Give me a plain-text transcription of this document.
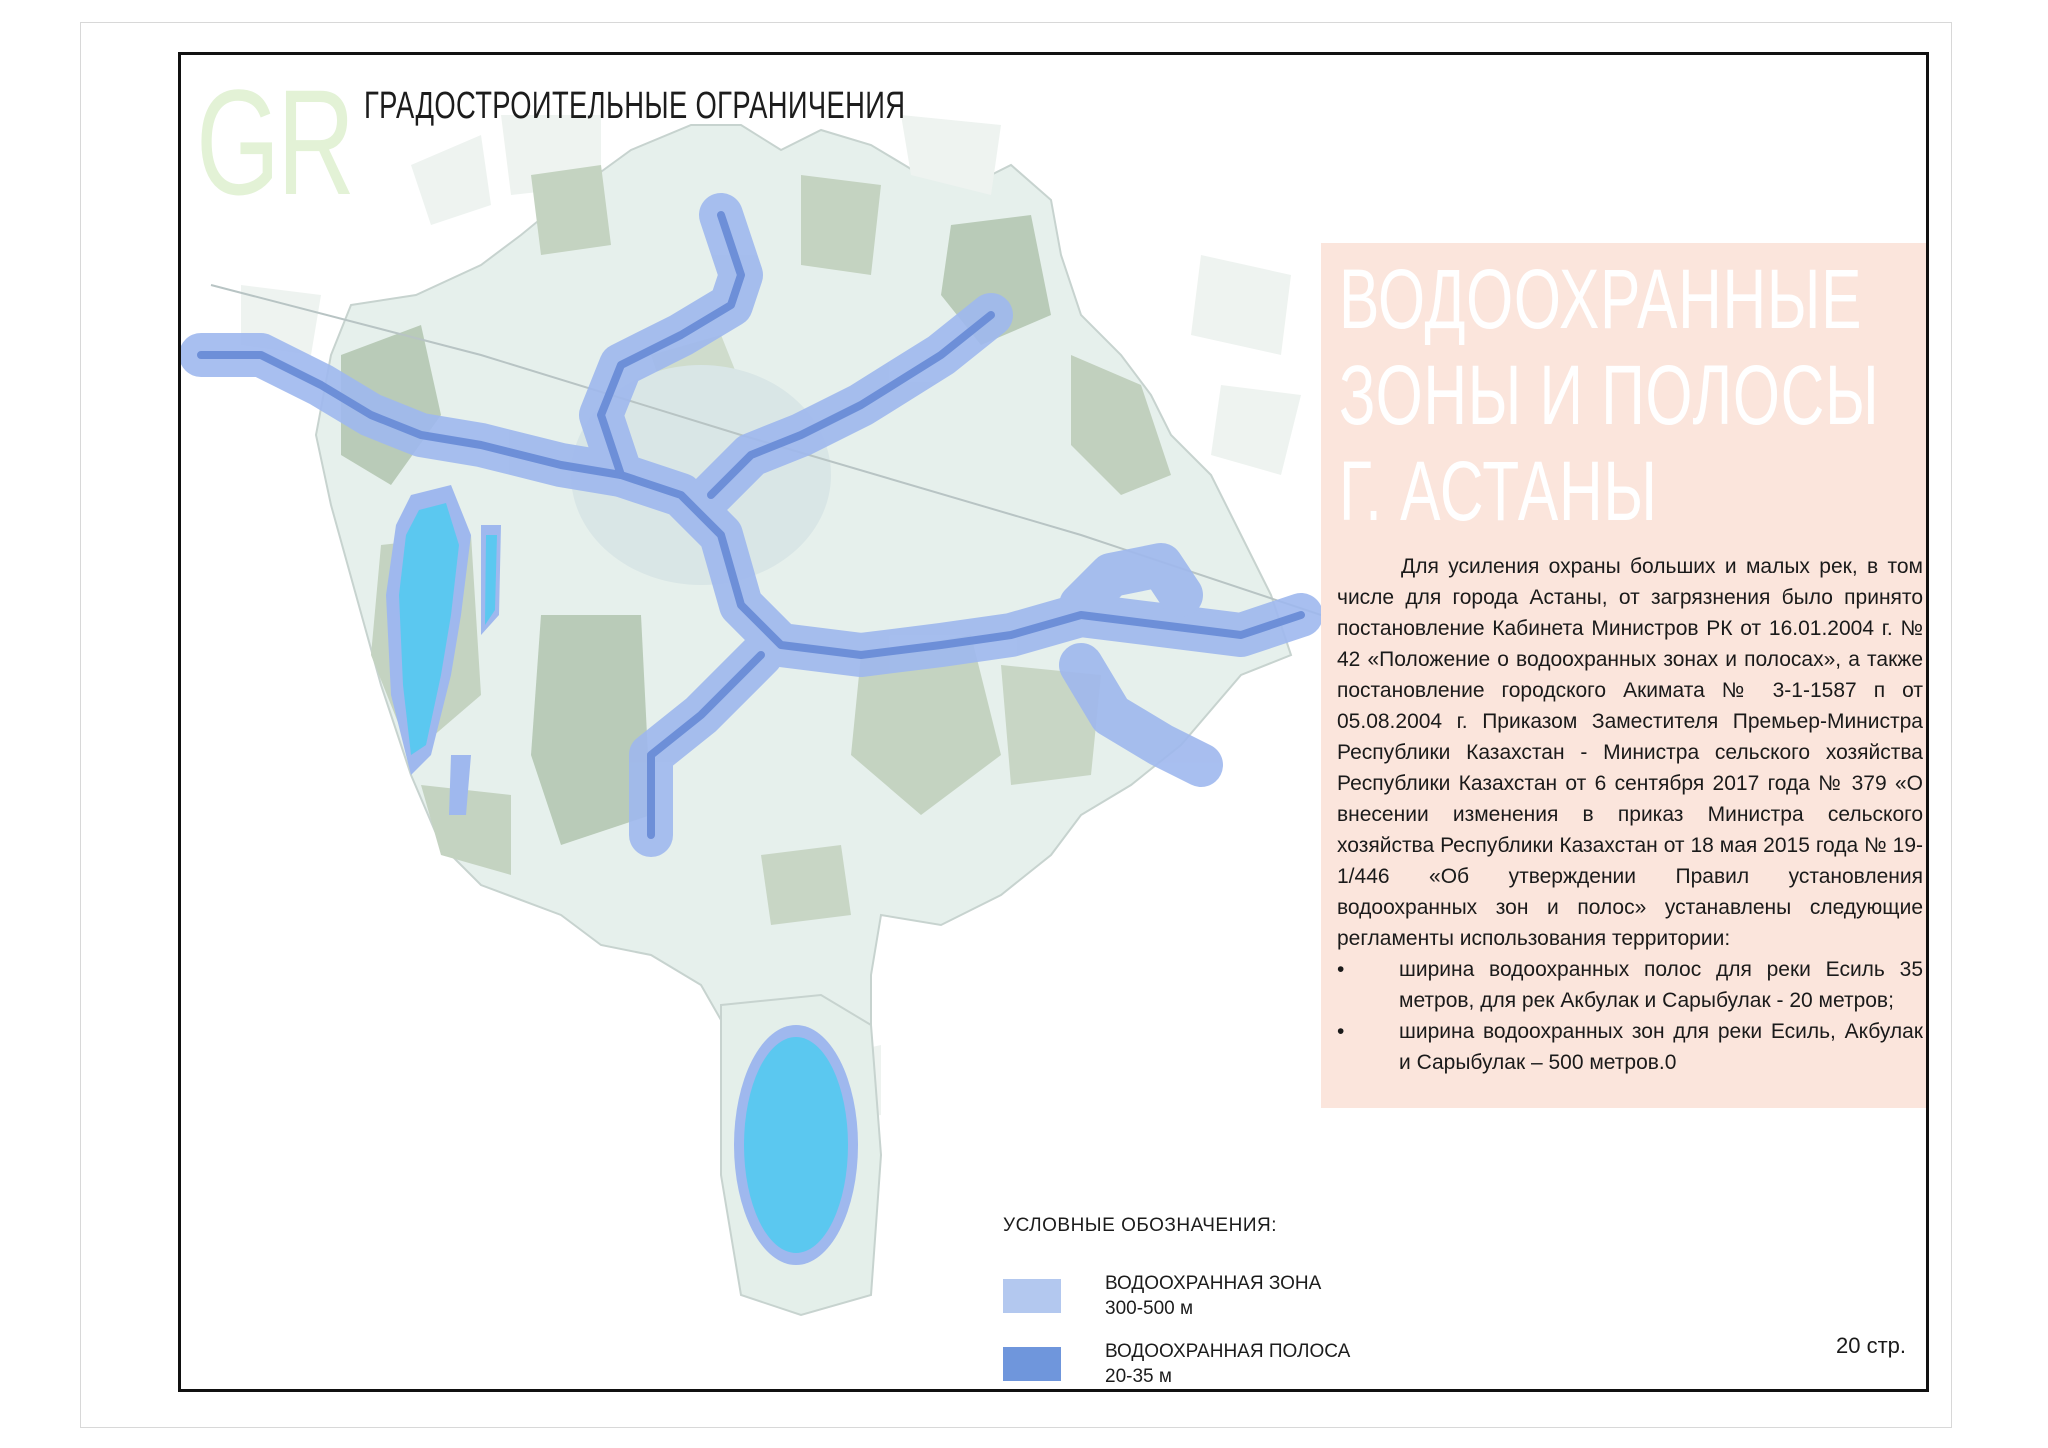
GR ГРАДОСТРОИТЕЛЬНЫЕ ОГРАНИЧЕНИЯ
ВОДООХРАННЫЕ
ЗОНЫ И ПОЛОСЫ
Г. АСТАНЫ

Для усиления охраны больших и малых рек, в том числе для города Астаны, от загрязнения было принято постановление Кабинета Министров РК от 16.01.2004 г. № 42 «Положение о водоохранных зонах и полосах», а также постановление городского Акимата № 3-1-1587 п от 05.08.2004 г. Приказом Заместителя Премьер-Министра Республики Казахстан - Министра сельского хозяйства Республики Казахстан от 6 сентября 2017 года № 379 «О внесении изменения в приказ Министра сельского хозяйства Республики Казахстан от 18 мая 2015 года № 19-1/446 «Об утверждении Правил установления водоохранных зон и полос» устанавлены следующие регламенты использования территории:

•	ширина водоохранных полос для реки Есиль 35 метров, для рек Акбулак и Сарыбулак - 20 метров;
•	ширина водоохранных зон для реки Есиль, Акбулак и Сарыбулак – 500 метров.0
УСЛОВНЫЕ ОБОЗНАЧЕНИЯ:
ВОДООХРАННАЯ ЗОНА
300-500 м
ВОДООХРАННАЯ ПОЛОСА
20-35 м
20 стр.
